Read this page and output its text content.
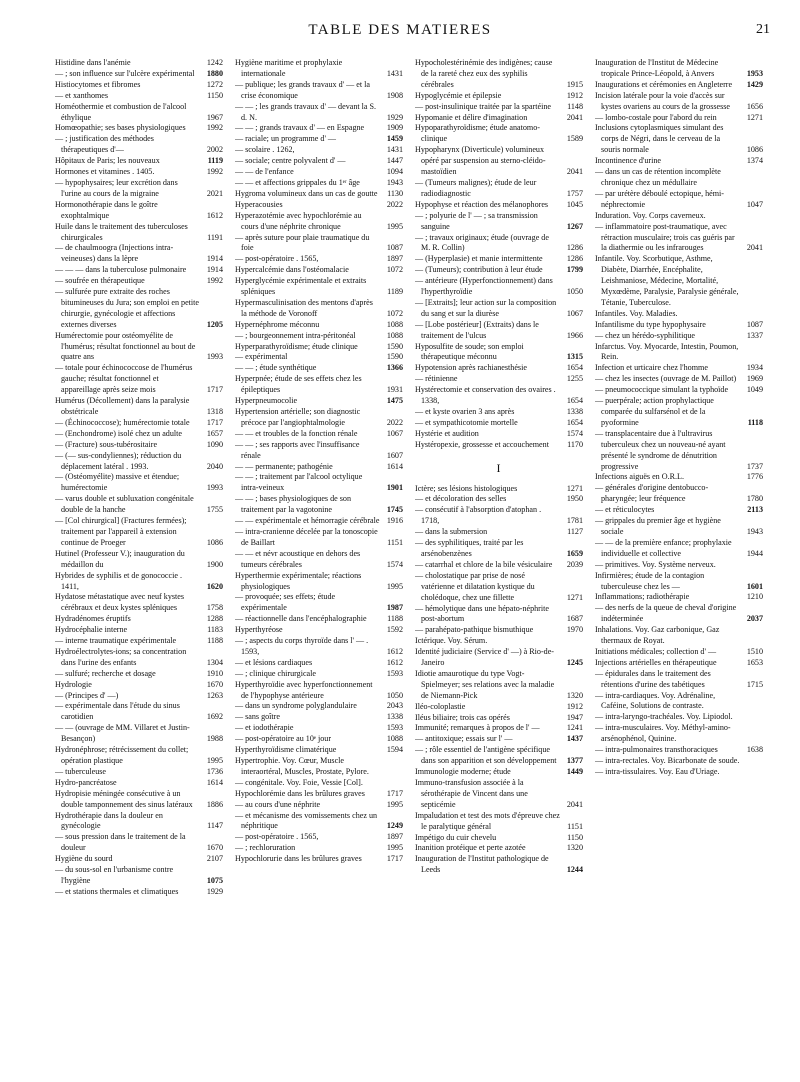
TABLE DES MATIERES	21
Histidine dans l'anémie	1242
— ; son influence sur l'ulcère expérimental	1880
Histiocytomes et fibromes	1272
— et xanthomes	1150
Homéothermie et combustion de l'alcool éthylique	1967
Homœopathie; ses bases physiologiques	1992
— ; justification des méthodes thérapeutiques d'—	2002
Hôpitaux de Paris; les nouveaux	1119
Hormones et vitamines . 1405.	1992
— hypophysaires; leur excrétion dans l'urine au cours de la migraine	2021
Hormonothérapie dans le goître exophtalmique	1612
Huile dans le traitement des tuberculoses chirurgicales	1191
— de chaulmoogra (Injections intra-veineuses) dans la lèpre	1914
— — — dans la tuberculose pulmonaire	1914
— soufrée en thérapeutique	1992
— sulfurée pure extraite des roches bitumineuses du Jura; son emploi en petite chirurgie, gynécologie et affections externes diverses	1205
Humérectomie pour ostéomyélite de l'humérus; résultat fonctionnel au bout de quatre ans	1993
— totale pour échinococcose de l'humérus gauche; résultat fonctionnel et appareillage après seize mois	1717
Humérus (Décollement) dans la paralysie obstétricale	1318
— (Échinococcose); humérectomie totale	1717
— (Enchondrome) isolé chez un adulte	1657
— (Fracture) sous-tubérositaire	1090
— (— sus-condyliennes); réduction du déplacement latéral . 1993.	2040
— (Ostéomyélite) massive et étendue; humérectomie	1993
— varus double et subluxation congénitale double de la hanche	1755
— [Col chirurgical] (Fractures fermées); traitement par l'appareil à extension continue de Proeger	1086
Hutinel (Professeur V.); inauguration du médaillon du	1900
Hybrides de syphilis et de gonococcie . 1411,	1620
Hydatose métastatique avec neuf kystes cérébraux et deux kystes spléniques	1758
Hydradénomes éruptifs	1288
Hydrocéphalie interne	1183
— interne traumatique expérimentale	1188
Hydroélectrolytes-ions; sa concentration dans l'urine des enfants	1304
— sulfuré; recherche et dosage	1910
Hydrologie	1670
— (Principes d' —)	1263
— expérimentale dans l'étude du sinus carotidien	1692
— — (ouvrage de MM. Villaret et Justin-Besançon)	1988
Hydronéphrose; rétrécissement du collet; opération plastique	1995
— tuberculeuse	1736
Hydro-pancréatose	1614
Hydropisie méningée consécutive à un double tamponnement des sinus latéraux	1886
Hydrothérapie dans la douleur en gynécologie	1147
— sous pression dans le traitement de la douleur	1670
Hygiène du sourd	2107
— du sous-sol en l'urbanisme contre l'hygiène	1075
— et stations thermales et climatiques	1929
Hygiène maritime et prophylaxie internationale	1431
— publique; les grands travaux d' — et la crise économique	1908
— — ; les grands travaux d' — devant la S. d. N.	1929
— — ; grands travaux d' — en Espagne	1909
— raciale; un programme d' —	1459
— scolaire . 1262,	1431
— sociale; centre polyvalent d' —	1447
— — de l'enfance	1094
— — et affections grippales du 1ᵉʳ âge	1943
Hygroma volumineux dans un cas de goutte	1130
Hyperacousies	2022
Hyperazotémie avec hypochlorémie au cours d'une néphrite chronique	1995
— après suture pour plaie traumatique du foie	1087
— post-opératoire . 1565,	1897
Hypercalcémie dans l'ostéomalacie	1072
Hyperglycémie expérimentale et extraits spléniques	1189
Hypermasculinisation des mentons d'après la méthode de Voronoff	1072
Hypernéphrome méconnu	1088
— ; bourgeonnement intra-péritonéal	1088
Hyperparathyroïdisme; étude clinique	1590
— expérimental	1590
— — ; étude synthétique	1366
Hyperpnée; étude de ses effets chez les épileptiques	1931
Hyperpneumocolie	1475
Hypertension artérielle; son diagnostic précoce par l'angiophtalmologie	2022
— — et troubles de la fonction rénale	1067
— — ; ses rapports avec l'insuffisance rénale	1607
— — permanente; pathogénie	1614
— — ; traitement par l'alcool octylique intra-veineux	1901
— — ; bases physiologiques de son traitement par la vagotonine	1745
— — expérimentale et hémorragie cérébrale 1916
— intra-cranienne décelée par la tonoscopie de Baillart	1151
— — et névr acoustique en dehors des tumeurs cérébrales	1574
Hyperthermie expérimentale; réactions physiologiques	1995
— provoquée; ses effets; étude expérimentale	1987
— réactionnelle dans l'encéphalographie	1188
Hyperthyréose	1592
— ; aspects du corps thyroïde dans l' — . 1593,	1612
— et lésions cardiaques	1612
— ; clinique chirurgicale	1593
Hyperthyroïdie avec hyperfonctionnement de l'hypophyse antérieure	1050
— dans un syndrome polyglandulaire	2043
— sans goître	1338
— et iodothérapie	1593
— post-opératoire au 10ᵉ jour	1088
Hyperthyroïdisme climatérique	1594
Hypertrophie. Voy. Cœur, Muscle interaortéral, Muscles, Prostate, Pylore.
— congénitale. Voy. Foie, Vessie [Col].
Hypochlorémie dans les brûlures graves	1717
— au cours d'une néphrite	1995
— et mécanisme des vomissements chez un néphritique	1249
— post-opératoire . 1565,	1897
— ; rechloruration	1995
Hypochlorurie dans les brûlures graves	1717
Hypocholestérinémie des indigènes; cause de la rareté chez eux des syphilis cérébrales	1915
Hypoglycémie et épilepsie	1912
— post-insulinique traitée par la spartéine	1148
Hypomanie et délire d'imagination	2041
Hypoparathyroïdisme; étude anatomo-clinique	1589
Hypopharynx (Diverticule) volumineux opéré par suspension au sterno-cléido-mastoïdien	2041
— (Tumeurs malignes); étude de leur radiodiagnostic	1757
Hypophyse et réaction des mélanophores	1045
— ; polyurie de l' — ; sa transmission sanguine	1267
— ; travaux originaux; étude (ouvrage de M. R. Collin)	1286
— (Hyperplasie) et manie intermittente	1286
— (Tumeurs); contribution à leur étude	1799
— antérieure (Hyperfonctionnement) dans l'hyperthyroïdie	1050
— [Extraits]; leur action sur la composition du sang et sur la diurèse	1067
— [Lobe postérieur] (Extraits) dans le traitement de l'ulcus	1966
Hyposulfite de soude; son emploi thérapeutique méconnu	1315
Hypotension après rachianesthésie	1654
— rétinienne	1255
Hystérectomie et conservation des ovaires . 1338,	1654
— et kyste ovarien 3 ans après	1338
— et sympathicotomie mortelle	1654
Hystérie et audition	1574
Hystéropexie, grossesse et accouchement	1170
I
Ictère; ses lésions histologiques	1271
— et décoloration des selles	1950
— consécutif à l'absorption d'atophan . 1718,	1781
— dans la submersion	1127
— des syphilitiques, traité par les arsénobenzènes	1659
— catarrhal et chlore de la bile vésiculaire	2039
— cholostatique par prise de nosé vatérienne et dilatation kystique du cholédoque, chez une fillette	1271
— hémolytique dans une hépato-néphrite post-abortum	1687
— parahépato-pathique bismuthique	1970
Ictérique. Voy. Sérum.
Identité judiciaire (Service d' —) à Rio-de-Janeiro	1245
Idiotie amaurotique du type Vogt-Spielmeyer; ses relations avec la maladie de Niemann-Pick	1320
Iléo-coloplastie	1912
Iléus biliaire; trois cas opérés	1947
Immunité; remarques à propos de l' —	1241
— antitoxique; essais sur l' —	1437
— ; rôle essentiel de l'antigène spécifique dans son apparition et son développement	1377
Immunologie moderne; étude	1449
Immuno-transfusion associée à la sérothérapie de Vincent dans une septicémie	2041
Impaludation et test des mots d'épreuve chez le paralytique général	1151
Impétigo du cuir chevelu	1150
Inanition protéique et perte azotée	1320
Inauguration de l'Institut pathologique de Leeds	1244
Inauguration de l'Institut de Médecine tropicale Prince-Léopold, à Anvers	1953
Inaugurations et cérémonies en Angleterre	1429
Incision latérale pour la voie d'accès sur kystes ovariens au cours de la grossesse	1656
— lombo-costale pour l'abord du rein	1271
Inclusions cytoplasmiques simulant des corps de Négri, dans le cerveau de la souris normale	1086
Incontinence d'urine	1374
— dans un cas de rétention incomplète chronique chez un médullaire
— par urétère déboulé ectopique, hémi-néphrectomie	1047
Induration. Voy. Corps caverneux.
— inflammatoire post-traumatique, avec rétraction musculaire; trois cas guéris par la diathermie ou les infrarouges	2041
Infantile. Voy. Scorbutique, Asthme, Diabète, Diarrhée, Encéphalite, Leishmaniose, Médecine, Mortalité, Myxœdème, Paralysie, Paralysie générale, Tétanie, Tuberculose.
Infantiles. Voy. Maladies.
Infantilisme du type hypophysaire	1087
— chez un hérédo-syphilitique	1337
Infarctus. Voy. Myocarde, Intestin, Poumon, Rein.
Infection et urticaire chez l'homme	1934
— chez les insectes (ouvrage de M. Paillot)	1969
— pneumococcique simulant la typhoïde	1049
— puerpérale; action prophylactique comparée du sulfarsénol et de la pyoformine	1118
— transplacentaire due à l'ultravirus tuberculeux chez un nouveau-né ayant présenté le syndrome de dénutrition progressive	1737
Infections aiguës en O.R.L.	1776
— générales d'origine dentobucco-pharyngée; leur fréquence	1780
— et réticulocytes	2113
— grippales du premier âge et hygiène sociale	1943
— — de la première enfance; prophylaxie individuelle et collective	1944
— primitives. Voy. Système nerveux.
Infirmières; étude de la contagion tuberculeuse chez les —	1601
Inflammations; radiothérapie	1210
— des nerfs de la queue de cheval d'origine indéterminée	2037
Inhalations. Voy. Gaz carbonique, Gaz thermaux de Royat.
Initiations médicales; collection d' —	1510
Injections artérielles en thérapeutique	1653
— épidurales dans le traitement des rétentions d'urine des tabétiques	1715
— intra-cardiaques. Voy. Adrénaline, Caféine, Solutions de contraste.
— intra-laryngo-trachéales. Voy. Lipiodol.
— intra-musculaires. Voy. Méthyl-amino-arsénophénol, Quinine.
— intra-pulmonaires transthoraciques	1638
— intra-rectales. Voy. Bicarbonate de soude.
— intra-tissulaires. Voy. Eau d'Uriage.
